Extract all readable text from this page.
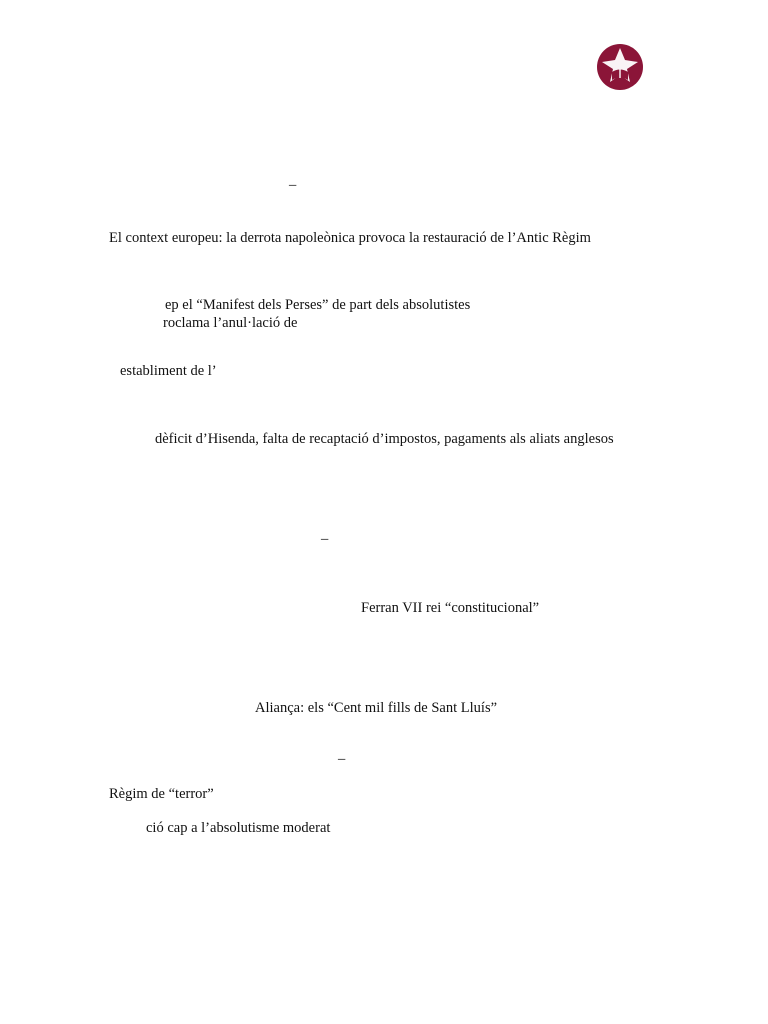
–
El context europeu: la derrota napoleònica provoca la restauració de l’Antic Règim
ep el “Manifest dels Perses” de part dels absolutistes
roclama l’anul·lació de
establiment de l’
dèficit d’Hisenda, falta de recaptació d’impostos, pagaments als aliats anglesos
–
Ferran VII rei “constitucional”
Aliança: els “Cent mil fills de Sant Lluís”
–
Règim de “terror”
ció cap a l’absolutisme moderat
